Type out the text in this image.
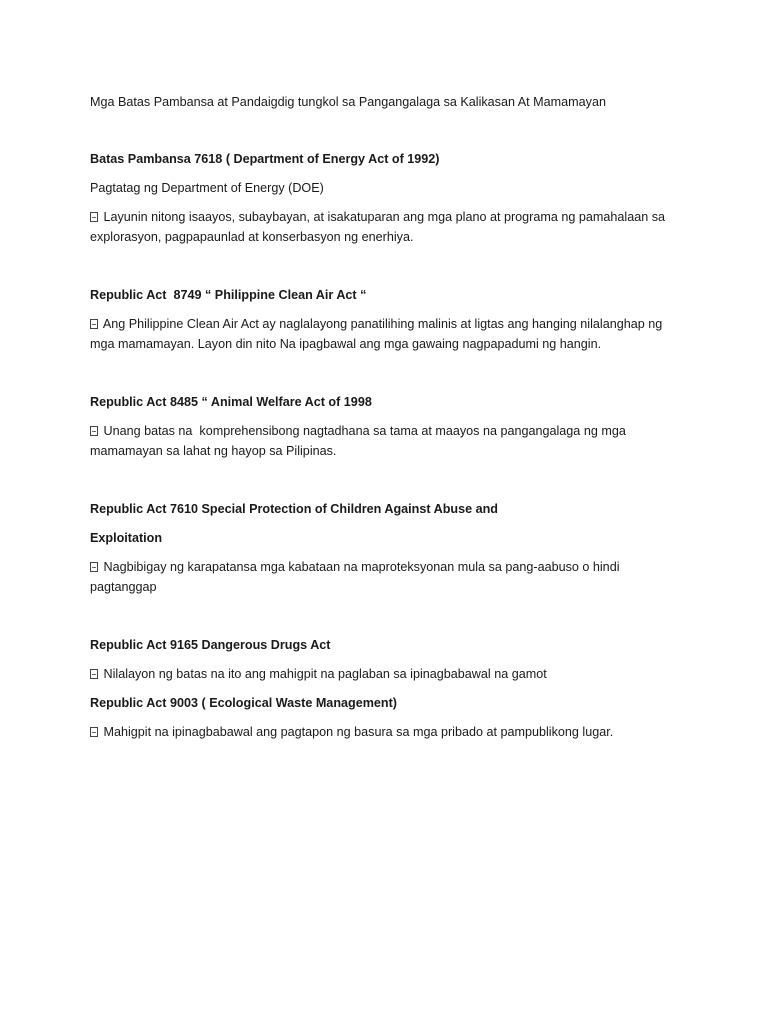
Mga Batas Pambansa at Pandaigdig tungkol sa Pangangalaga sa Kalikasan At Mamamayan

Batas Pambansa 7618 ( Department of Energy Act of 1992)

Pagtatag ng Department of Energy (DOE)

Layunin nitong isaayos, subaybayan, at isakatuparan ang mga plano at programa ng pamahalaan sa explorasyon, pagpapaunlad at konserbasyon ng enerhiya.

Republic Act  8749 “ Philippine Clean Air Act “

Ang Philippine Clean Air Act ay naglalayong panatilihing malinis at ligtas ang hanging nilalanghap ng mga mamamayan. Layon din nito Na ipagbawal ang mga gawaing nagpapadumi ng hangin.

Republic Act 8485 “ Animal Welfare Act of 1998

Unang batas na  komprehensibong nagtadhana sa tama at maayos na pangangalaga ng mga mamamayan sa lahat ng hayop sa Pilipinas.

Republic Act 7610 Special Protection of Children Against Abuse and

Exploitation

Nagbibigay ng karapatansa mga kabataan na maproteksyonan mula sa pang-aabuso o hindi pagtanggap

Republic Act 9165 Dangerous Drugs Act

Nilalayon ng batas na ito ang mahigpit na paglaban sa ipinagbabawal na gamot

Republic Act 9003 ( Ecological Waste Management)

Mahigpit na ipinagbabawal ang pagtapon ng basura sa mga pribado at pampublikong lugar.
